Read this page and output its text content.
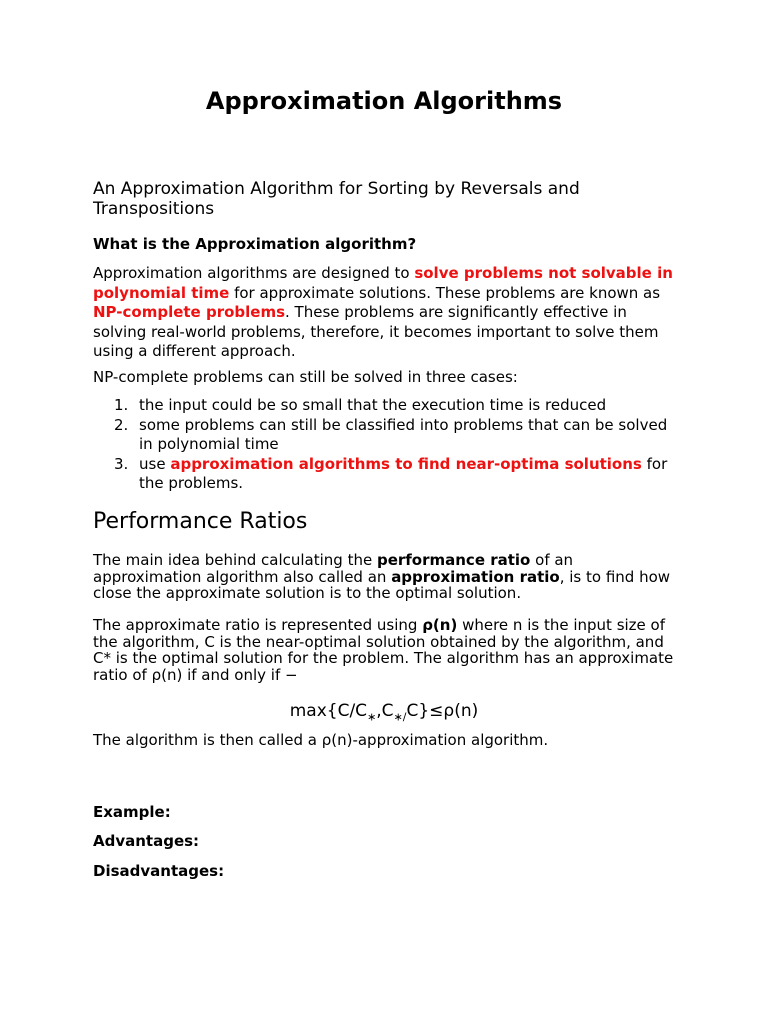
Approximation Algorithms
An Approximation Algorithm for Sorting by Reversals and Transpositions
What is the Approximation algorithm?
Approximation algorithms are designed to solve problems not solvable in polynomial time for approximate solutions. These problems are known as NP-complete problems. These problems are significantly effective in solving real-world problems, therefore, it becomes important to solve them using a different approach.
NP-complete problems can still be solved in three cases:
1. the input could be so small that the execution time is reduced
2. some problems can still be classified into problems that can be solved in polynomial time
3. use approximation algorithms to find near-optima solutions for the problems.
Performance Ratios
The main idea behind calculating the performance ratio of an approximation algorithm also called an approximation ratio, is to find how close the approximate solution is to the optimal solution.
The approximate ratio is represented using ρ(n) where n is the input size of the algorithm, C is the near-optimal solution obtained by the algorithm, and C* is the optimal solution for the problem. The algorithm has an approximate ratio of ρ(n) if and only if −
$\max\{C/C_∗,C_{∗/}C\}\le\rho(n)$
The algorithm is then called a ρ(n)-approximation algorithm.
Example:
Advantages:
Disadvantages:
